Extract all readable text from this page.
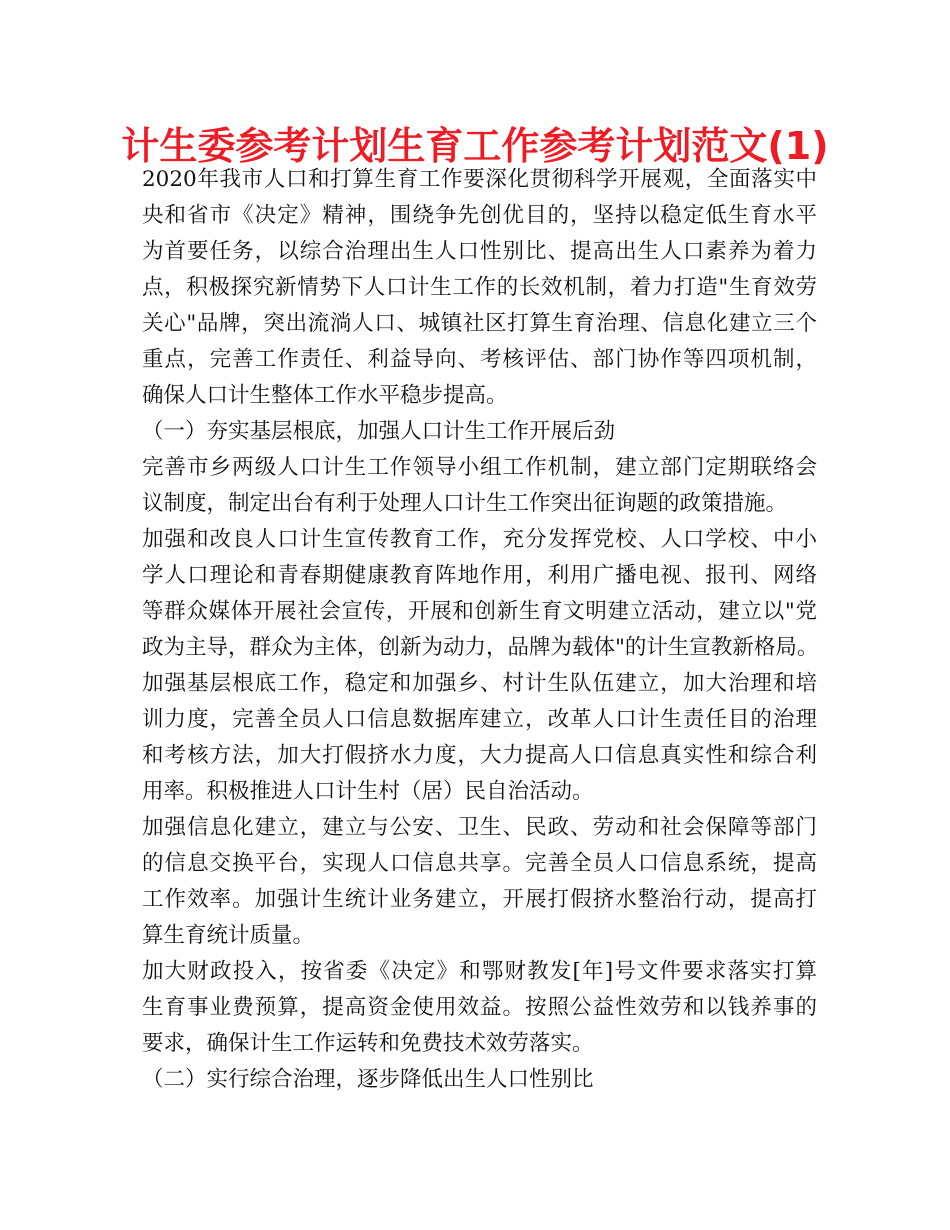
计生委参考计划生育工作参考计划范文(1)
2020年我市人口和打算生育工作要深化贯彻科学开展观，全面落实中
央和省市《决定》精神，围绕争先创优目的，坚持以稳定低生育水平
为首要任务，以综合治理出生人口性别比、提高出生人口素养为着力
点，积极探究新情势下人口计生工作的长效机制，着力打造"生育效劳
关心"品牌，突出流淌人口、城镇社区打算生育治理、信息化建立三个
重点，完善工作责任、利益导向、考核评估、部门协作等四项机制，
确保人口计生整体工作水平稳步提高。
（一）夯实基层根底，加强人口计生工作开展后劲
完善市乡两级人口计生工作领导小组工作机制，建立部门定期联络会
议制度，制定出台有利于处理人口计生工作突出征询题的政策措施。
加强和改良人口计生宣传教育工作，充分发挥党校、人口学校、中小
学人口理论和青春期健康教育阵地作用，利用广播电视、报刊、网络
等群众媒体开展社会宣传，开展和创新生育文明建立活动，建立以"党
政为主导，群众为主体，创新为动力，品牌为载体"的计生宣教新格局。
加强基层根底工作，稳定和加强乡、村计生队伍建立，加大治理和培
训力度，完善全员人口信息数据库建立，改革人口计生责任目的治理
和考核方法，加大打假挤水力度，大力提高人口信息真实性和综合利
用率。积极推进人口计生村（居）民自治活动。
加强信息化建立，建立与公安、卫生、民政、劳动和社会保障等部门
的信息交换平台，实现人口信息共享。完善全员人口信息系统，提高
工作效率。加强计生统计业务建立，开展打假挤水整治行动，提高打
算生育统计质量。
加大财政投入，按省委《决定》和鄂财教发[年]号文件要求落实打算
生育事业费预算，提高资金使用效益。按照公益性效劳和以钱养事的
要求，确保计生工作运转和免费技术效劳落实。
（二）实行综合治理，逐步降低出生人口性别比
